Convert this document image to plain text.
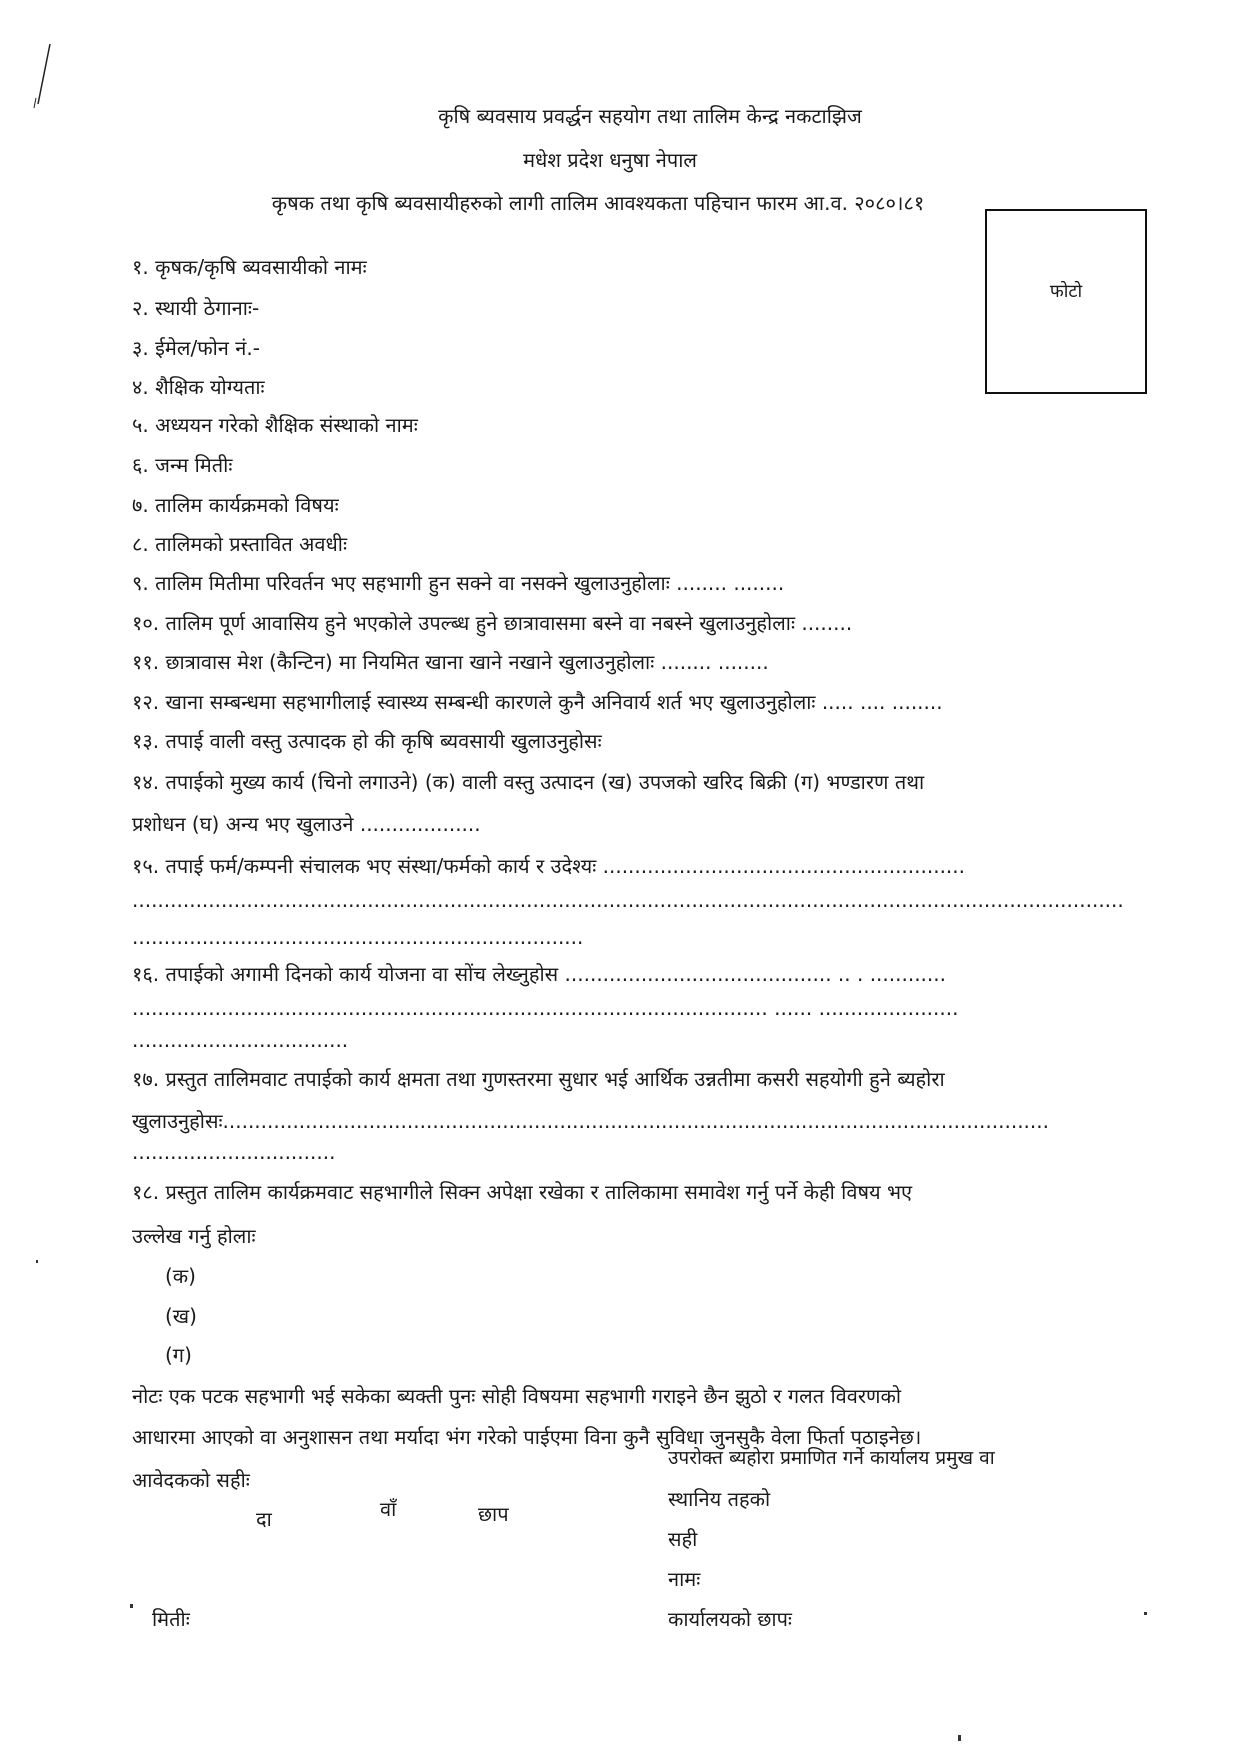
कृषि ब्यवसाय प्रवर्द्धन सहयोग तथा तालिम केन्द्र नकटाझिज
मधेश प्रदेश धनुषा नेपाल
कृषक तथा कृषि ब्यवसायीहरुको लागी तालिम आवश्यकता पहिचान फारम आ.व. २०८०।८१
फोटो
१. कृषक/कृषि ब्यवसायीको नामः
२. स्थायी ठेगानाः-
३. ईमेल/फोन नं.-
४. शैक्षिक योग्यताः
५. अध्ययन गरेको शैक्षिक संस्थाको नामः
६. जन्म मितीः
७. तालिम कार्यक्रमको विषयः
८. तालिमको प्रस्तावित अवधीः
९. तालिम मितीमा परिवर्तन भए सहभागी हुन सक्ने वा नसक्ने खुलाउनुहोलाः ........ ........
१०. तालिम पूर्ण आवासिय हुने भएकोले उपल्ब्ध हुने छात्रावासमा बस्ने वा नबस्ने खुलाउनुहोलाः ........
११. छात्रावास मेश (कैन्टिन) मा नियमित खाना खाने नखाने खुलाउनुहोलाः ........ ........
१२. खाना सम्बन्धमा सहभागीलाई स्वास्थ्य सम्बन्धी कारणले कुनै अनिवार्य शर्त भए खुलाउनुहोलाः ..... .... ........
१३. तपाई वाली वस्तु उत्पादक हो की कृषि ब्यवसायी खुलाउनुहोसः
१४. तपाईको मुख्य कार्य (चिनो लगाउने) (क) वाली वस्तु उत्पादन (ख) उपजको खरिद बिक्री (ग) भण्डारण तथा
प्रशोधन (घ) अन्य भए खुलाउने ...................
१५. तपाई फर्म/कम्पनी संचालक भए संस्था/फर्मको कार्य र उदेश्यः .........................................................
............................................................................................................................................................
.......................................................................
१६. तपाईको अगामी दिनको कार्य योजना वा सोंच लेख्नुहोस .......................................... .. . ............
.................................................................................................... ...... ......................
..................................
१७. प्रस्तुत तालिमवाट तपाईको कार्य क्षमता तथा गुणस्तरमा सुधार भई आर्थिक उन्नतीमा कसरी सहयोगी हुने ब्यहोरा
खुलाउनुहोसः..................................................................................................................................
................................
१८. प्रस्तुत तालिम कार्यक्रमवाट सहभागीले सिक्न अपेक्षा रखेका र तालिकामा समावेश गर्नु पर्ने केही विषय भए
उल्लेख गर्नु होलाः
(क)
(ख)
(ग)
नोटः एक पटक सहभागी भई सकेका ब्यक्ती पुनः सोही विषयमा सहभागी गराइने छैन झुठो र गलत विवरणको
आधारमा आएको वा अनुशासन तथा मर्यादा भंग गरेको पाईएमा विना कुनै सुविधा जुनसुकै वेला फिर्ता पठाइनेछ।
आवेदकको सहीः
दा	वाँ	छाप
मितीः
उपरोक्त ब्यहोरा प्रमाणित गर्ने कार्यालय प्रमुख वा
स्थानिय तहको
सही
नामः
कार्यालयको छापः
